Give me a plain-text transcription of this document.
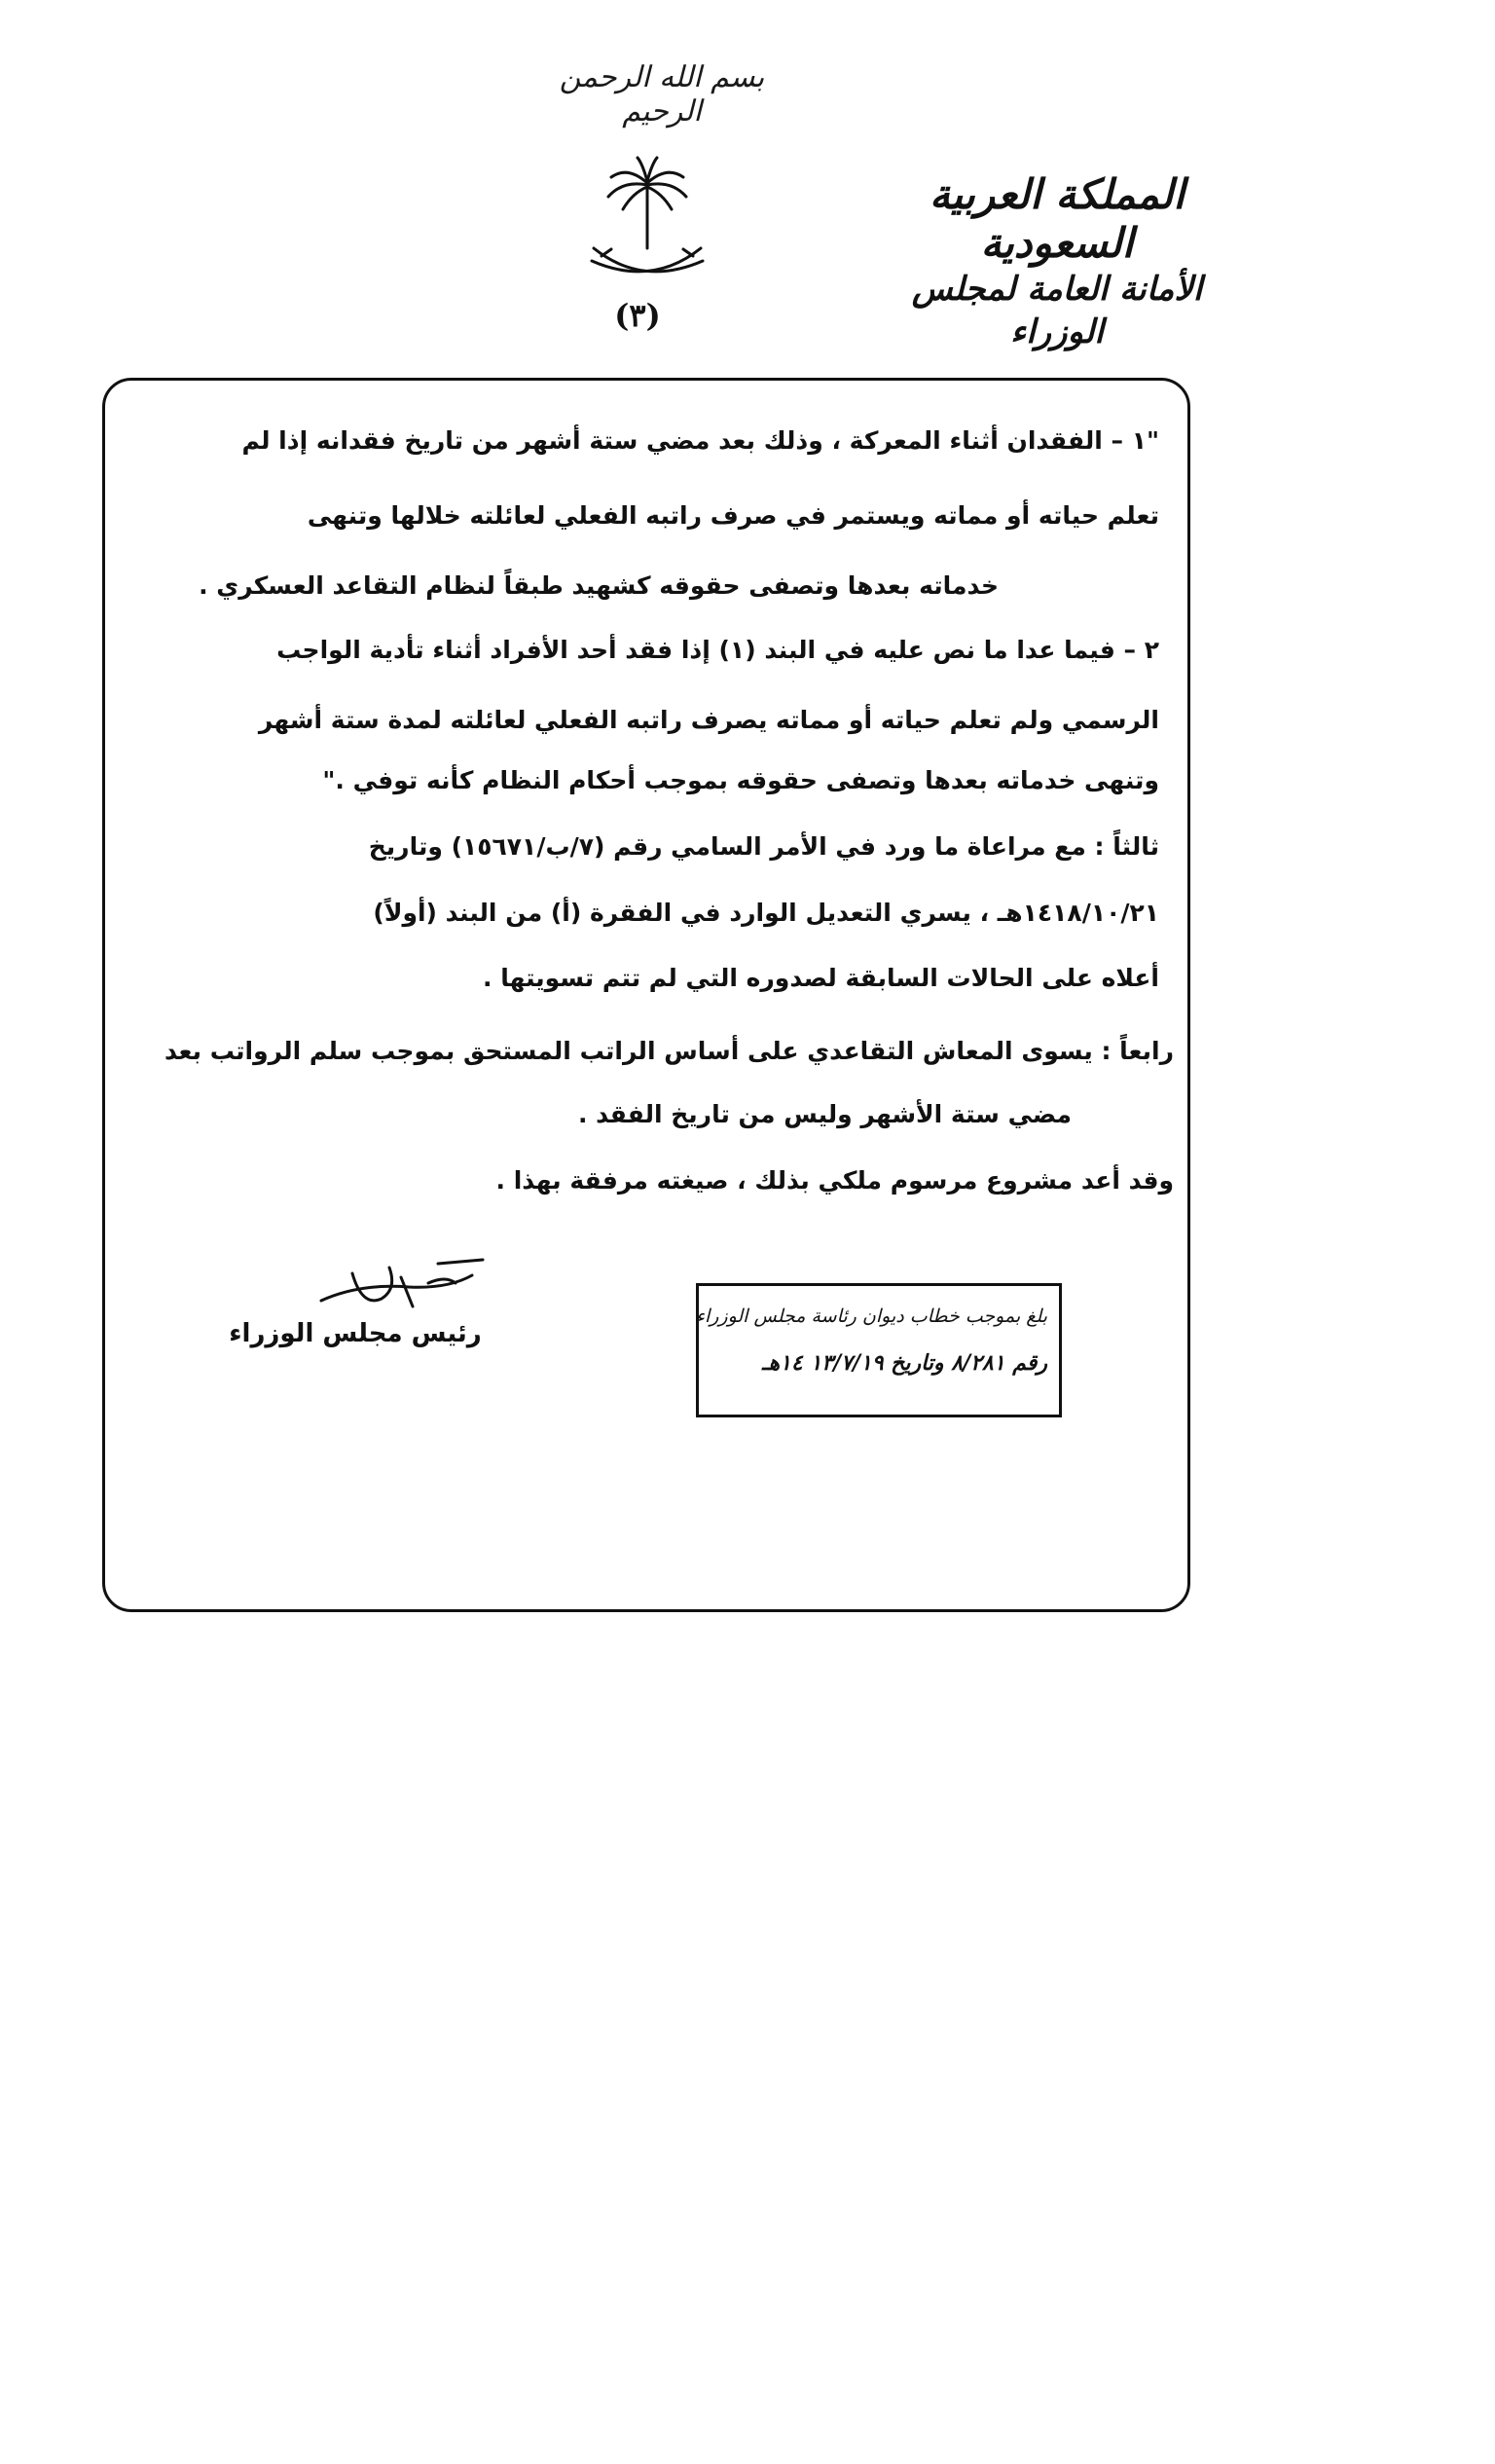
بسم الله الرحمن الرحيم
المملكة العربية السعودية
الأمانة العامة لمجلس الوزراء
(٣)
"١ – الفقدان أثناء المعركة ، وذلك بعد مضي ستة أشهر من تاريخ فقدانه إذا لم
تعلم حياته أو مماته ويستمر في صرف راتبه الفعلي لعائلته خلالها وتنهى
خدماته بعدها وتصفى حقوقه كشهيد طبقاً لنظام التقاعد العسكري .
٢ – فيما عدا ما نص عليه في البند (١) إذا فقد أحد الأفراد أثناء تأدية الواجب
الرسمي ولم تعلم حياته أو مماته يصرف راتبه الفعلي لعائلته لمدة ستة أشهر
وتنهى خدماته بعدها وتصفى حقوقه بموجب أحكام النظام كأنه توفي ."
ثالثاً : مع مراعاة ما ورد في الأمر السامي رقم (٧/ب/١٥٦٧١) وتاريخ
١٤١٨/١٠/٢١هـ ، يسري التعديل الوارد في الفقرة (أ) من البند (أولاً)
أعلاه على الحالات السابقة لصدوره التي لم تتم تسويتها .
رابعاً : يسوى المعاش التقاعدي على أساس الراتب المستحق بموجب سلم الرواتب بعد
مضي ستة الأشهر وليس من تاريخ الفقد .
وقد أعد مشروع مرسوم ملكي بذلك ، صيغته مرفقة بهذا .
رئيس مجلس الوزراء
بلغ بموجب خطاب ديوان رئاسة مجلس الوزراء
رقم ٨/٢٨١ وتاريخ ١٣/٧/١٩ ١٤هـ
